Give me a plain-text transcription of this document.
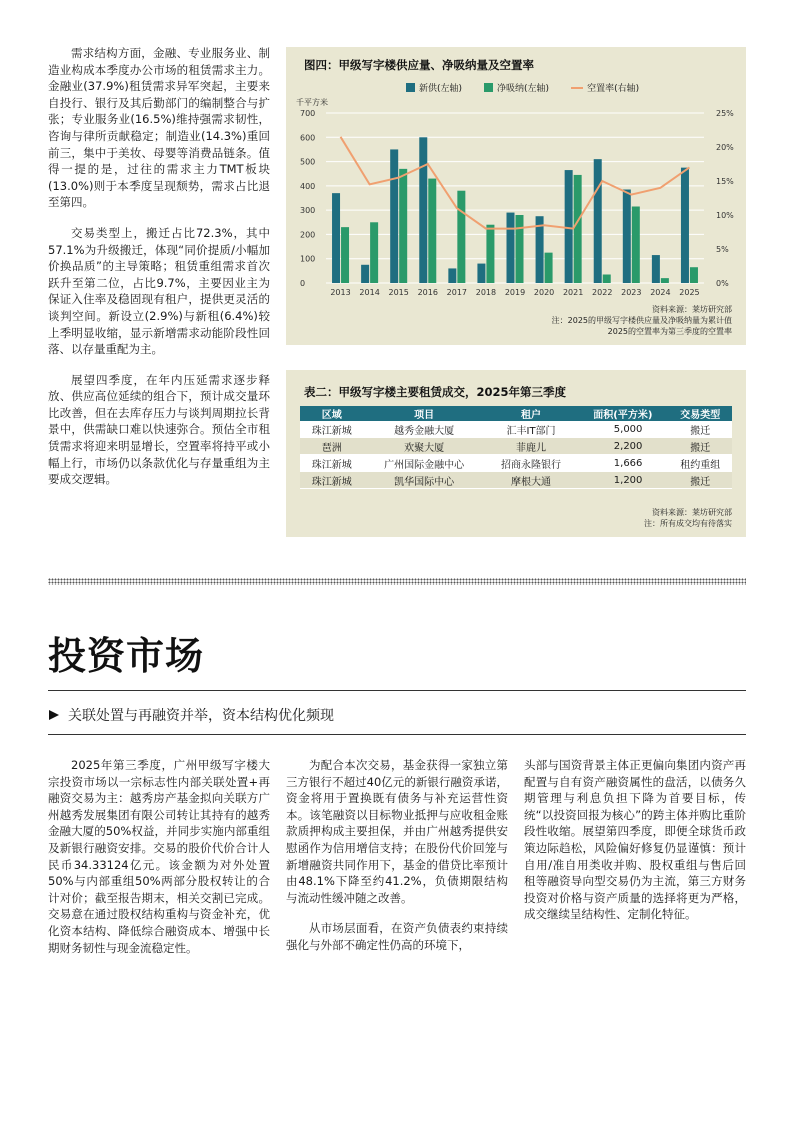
需求结构方面，金融、专业服务业、制造业构成本季度办公市场的租赁需求主力。金融业(37.9%)租赁需求异军突起，主要来自投行、银行及其后勤部门的编制整合与扩张；专业服务业(16.5%)维持强需求韧性，咨询与律所贡献稳定；制造业(14.3%)重回前三，集中于美妆、母婴等消费品链条。值得一提的是，过往的需求主力TMT板块(13.0%)则于本季度呈现颓势，需求占比退至第四。

交易类型上，搬迁占比72.3%，其中57.1%为升级搬迁，体现“同价提质/小幅加价换品质”的主导策略；租赁重组需求首次跃升至第二位，占比9.7%，主要因业主为保证入住率及稳固现有租户，提供更灵活的谈判空间。新设立(2.9%)与新租(6.4%)较上季明显收缩，显示新增需求动能阶段性回落、以存量重配为主。

展望四季度，在年内压延需求逐步释放、供应高位延续的组合下，预计成交量环比改善，但在去库存压力与谈判周期拉长背景中，供需缺口难以快速弥合。预估全市租赁需求将迎来明显增长，空置率将持平或小幅上行，市场仍以条款优化与存量重组为主要成交逻辑。

图四：甲级写字楼供应量、净吸纳量及空置率
新供(左轴)	净吸纳(左轴)	空置率(右轴)
千平方米
0
100
200
300
400
500
600
700
0%
5%
10%
15%
20%
25%
2013 2014 2015 2016 2017 2018 2019 2020 2021 2022 2023 2024 2025
资料来源：莱坊研究部
注：2025的甲级写字楼供应量及净吸纳量为累计值
2025的空置率为第三季度的空置率
表二：甲级写字楼主要租赁成交，2025年第三季度
区域	项目	租户	面积(平方米)	交易类型
珠江新城	越秀金融大厦	汇丰IT部门	5,000	搬迁
琶洲	欢聚大厦	菲鹿儿	2,200	搬迁
珠江新城	广州国际金融中心	招商永隆银行	1,666	租约重组
珠江新城	凯华国际中心	摩根大通	1,200	搬迁
资料来源：莱坊研究部
注：所有成交均有待落实
投资市场
关联处置与再融资并举，资本结构优化频现

2025年第三季度，广州甲级写字楼大宗投资市场以一宗标志性内部关联处置+再融资交易为主：越秀房产基金拟向关联方广州越秀发展集团有限公司转让其持有的越秀金融大厦的50%权益，并同步实施内部重组及新银行融资安排。交易的股价代价合计人民币34.33124亿元。该金额为对外处置50%与内部重组50%两部分股权转让的合计对价；截至报告期末，相关交割已完成。交易意在通过股权结构重构与资金补充，优化资本结构、降低综合融资成本、增强中长期财务韧性与现金流稳定性。

为配合本次交易，基金获得一家独立第三方银行不超过40亿元的新银行融资承诺，资金将用于置换既有债务与补充运营性资本。该笔融资以目标物业抵押与应收租金账款质押构成主要担保，并由广州越秀提供安慰函作为信用增信支持；在股份代价回笼与新增融资共同作用下，基金的借贷比率预计由48.1%下降至约41.2%，负债期限结构与流动性缓冲随之改善。

从市场层面看，在资产负债表约束持续强化与外部不确定性仍高的环境下，

头部与国资背景主体正更偏向集团内资产再配置与自有资产融资属性的盘活，以债务久期管理与利息负担下降为首要目标，传统“以投资回报为核心”的跨主体并购比重阶段性收缩。展望第四季度，即便全球货币政策边际趋松，风险偏好修复仍显谨慎：预计自用/准自用类收并购、股权重组与售后回租等融资导向型交易仍为主流，第三方财务投资对价格与资产质量的选择将更为严格，成交继续呈结构性、定制化特征。
